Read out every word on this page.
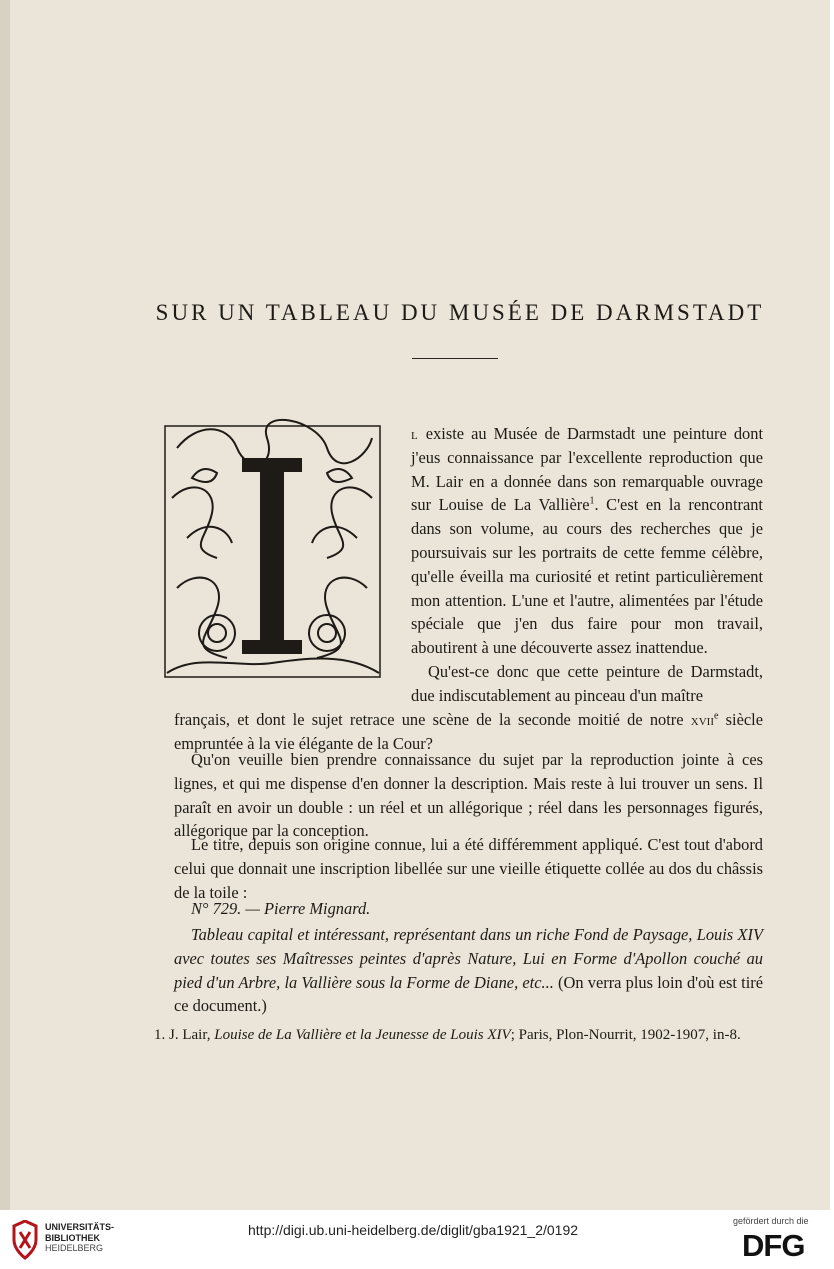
SUR UN TABLEAU DU MUSÉE DE DARMSTADT
l existe au Musée de Darmstadt une peinture dont j'eus connaissance par l'excellente reproduction que M. Lair en a donnée dans son remarquable ouvrage sur Louise de La Vallière$^1$. C'est en la rencontrant dans son volume, au cours des recherches que je poursuivais sur les portraits de cette femme célèbre, qu'elle éveilla ma curiosité et retint particulièrement mon attention. L'une et l'autre, alimentées par l'étude spéciale que j'en dus faire pour mon travail, aboutirent à une découverte assez inattendue.
Qu'est-ce donc que cette peinture de Darmstadt, due indiscutablement au pinceau d'un maître
français, et dont le sujet retrace une scène de la seconde moitié de notre xvii$^e$ siècle empruntée à la vie élégante de la Cour?
Qu'on veuille bien prendre connaissance du sujet par la reproduction jointe à ces lignes, et qui me dispense d'en donner la description. Mais reste à lui trouver un sens. Il paraît en avoir un double : un réel et un allégorique ; réel dans les personnages figurés, allégorique par la conception.
Le titre, depuis son origine connue, lui a été différemment appliqué. C'est tout d'abord celui que donnait une inscription libellée sur une vieille étiquette collée au dos du châssis de la toile :
N° 729. — Pierre Mignard.
Tableau capital et intéressant, représentant dans un riche Fond de Paysage, Louis XIV avec toutes ses Maîtresses peintes d'après Nature, Lui en Forme d'Apollon couché au pied d'un Arbre, la Vallière sous la Forme de Diane, etc... (On verra plus loin d'où est tiré ce document.)
1. J. Lair, Louise de La Vallière et la Jeunesse de Louis XIV; Paris, Plon-Nourrit, 1902-1907, in-8.
UNIVERSITÄTS-
BIBLIOTHEK
HEIDELBERG
http://digi.ub.uni-heidelberg.de/diglit/gba1921_2/0192
gefördert durch die
DFG
